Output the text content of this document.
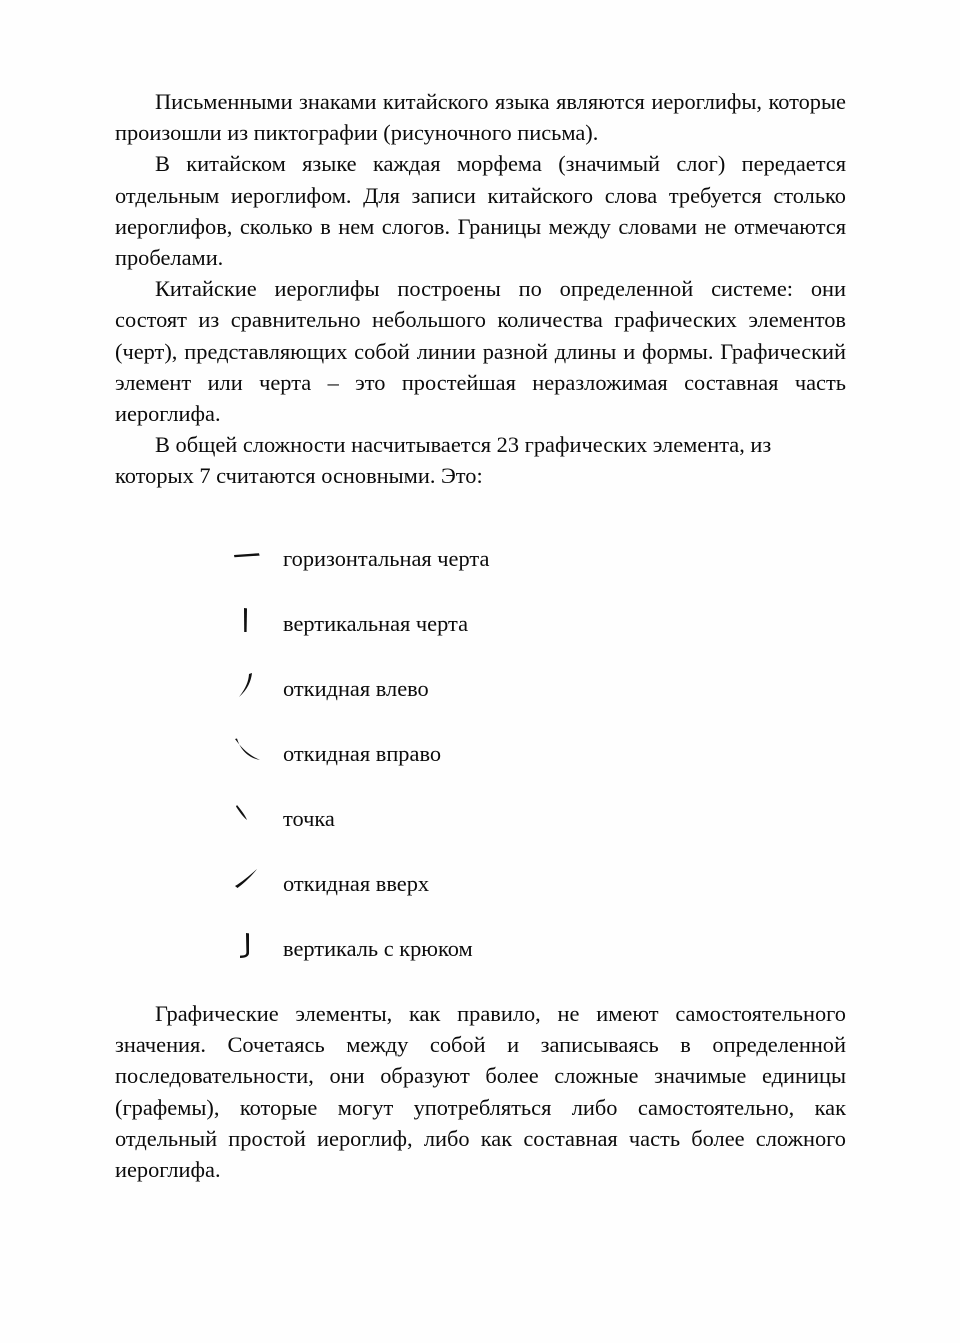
Письменными знаками китайского языка являются иероглифы, которые произошли из пиктографии (рисуночного письма).

В китайском языке каждая морфема (значимый слог) передается отдельным иероглифом. Для записи китайского слова требуется столько иероглифов, сколько в нем слогов. Границы между словами не отмечаются пробелами.

Китайские иероглифы построены по определенной системе: они состоят из сравнительно небольшого количества графических элементов (черт), представляющих собой линии разной длины и формы. Графический элемент или черта – это простейшая неразложимая составная часть иероглифа.

В общей сложности насчитывается 23 графических элемента, из которых 7 считаются основными. Это:

горизонтальная черта
вертикальная черта
откидная влево
откидная вправо
точка
откидная вверх
вертикаль с крюком

Графические элементы, как правило, не имеют самостоятельного значения. Сочетаясь между собой и записываясь в определенной последовательности, они образуют более сложные значимые единицы (графемы), которые могут употребляться либо самостоятельно, как отдельный простой иероглиф, либо как составная часть более сложного иероглифа.
